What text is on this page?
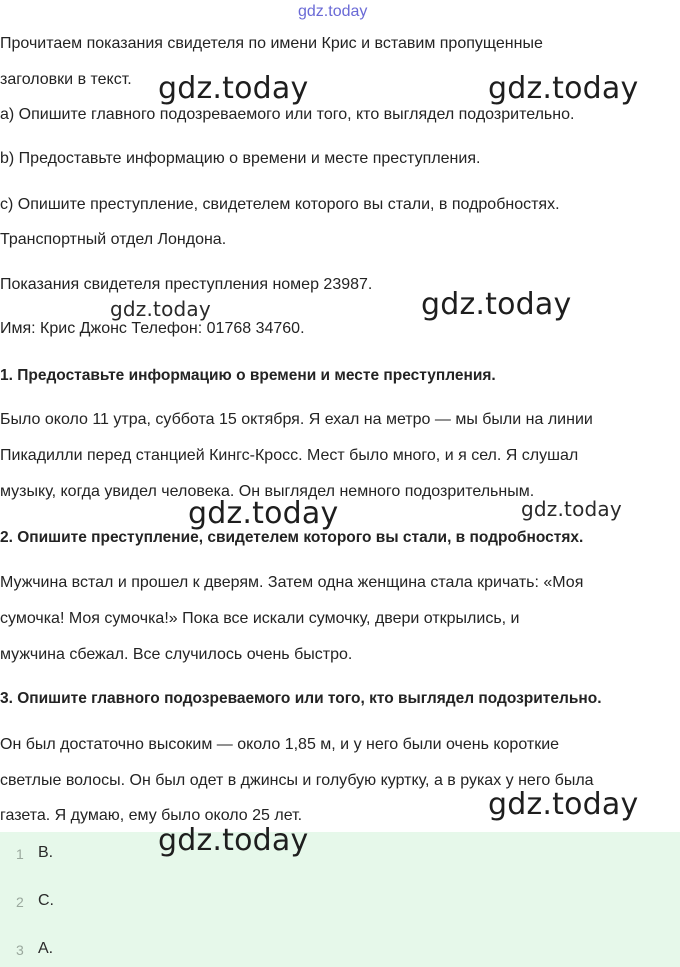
gdz.today
Прочитаем показания свидетеля по имени Крис и вставим пропущенные
заголовки в текст.
a) Опишите главного подозреваемого или того, кто выглядел подозрительно.
b) Предоставьте информацию о времени и месте преступления.
c) Опишите преступление, свидетелем которого вы стали, в подробностях.
Транспортный отдел Лондона.
Показания свидетеля преступления номер 23987.
Имя: Крис Джонс Телефон: 01768 34760.
1. Предоставьте информацию о времени и месте преступления.
Было около 11 утра, суббота 15 октября. Я ехал на метро — мы были на линии
Пикадилли перед станцией Кингс-Кросс. Мест было много, и я сел. Я слушал
музыку, когда увидел человека. Он выглядел немного подозрительным.
2. Опишите преступление, свидетелем которого вы стали, в подробностях.
Мужчина встал и прошел к дверям. Затем одна женщина стала кричать: «Моя
сумочка! Моя сумочка!» Пока все искали сумочку, двери открылись, и
мужчина сбежал. Все случилось очень быстро.
3. Опишите главного подозреваемого или того, кто выглядел подозрительно.
Он был достаточно высоким — около 1,85 м, и у него были очень короткие
светлые волосы. Он был одет в джинсы и голубую куртку, а в руках у него была
газета. Я думаю, ему было около 25 лет.
1 B.
2 C.
3 A.
gdz.today	gdz.today
gdz.today	gdz.today
gdz.today	gdz.today
gdz.today
gdz.today
